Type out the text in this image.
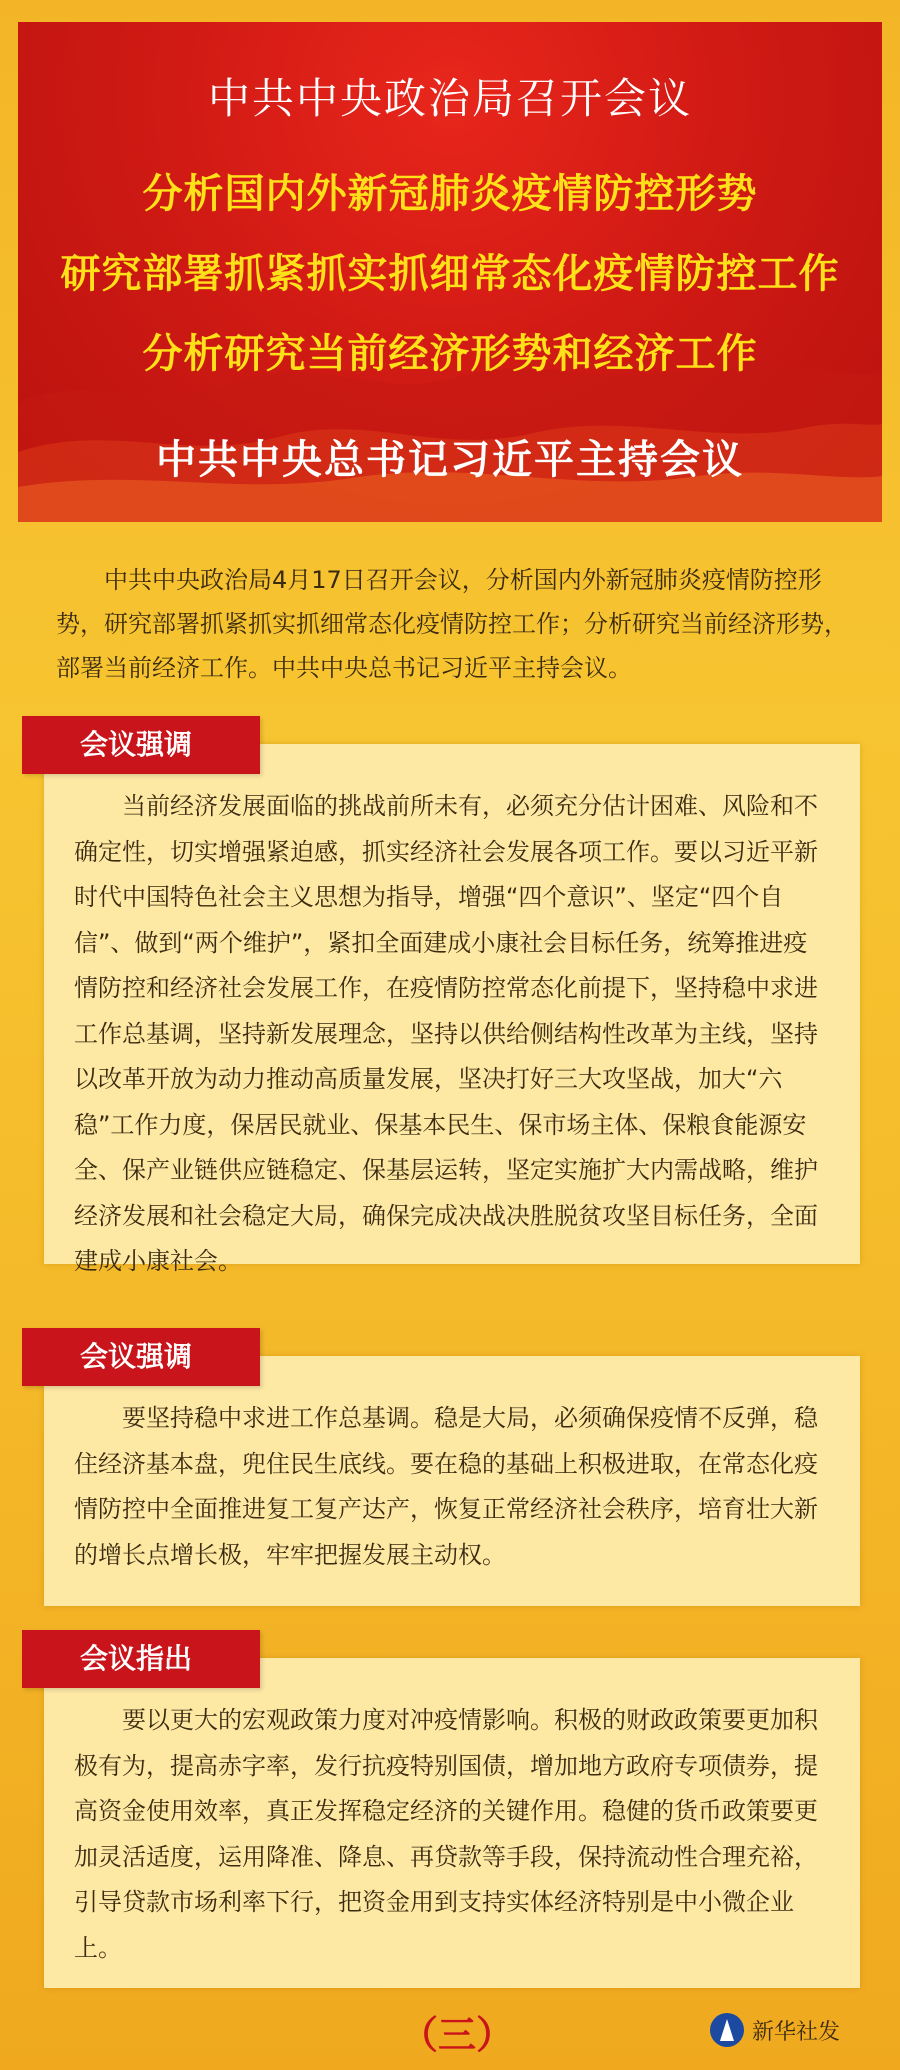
中共中央政治局召开会议
分析国内外新冠肺炎疫情防控形势
研究部署抓紧抓实抓细常态化疫情防控工作
分析研究当前经济形势和经济工作
中共中央总书记习近平主持会议
中共中央政治局4月17日召开会议，分析国内外新冠肺炎疫情防控形势，研究部署抓紧抓实抓细常态化疫情防控工作；分析研究当前经济形势，部署当前经济工作。中共中央总书记习近平主持会议。
会议强调

当前经济发展面临的挑战前所未有，必须充分估计困难、风险和不确定性，切实增强紧迫感，抓实经济社会发展各项工作。要以习近平新时代中国特色社会主义思想为指导，增强“四个意识”、坚定“四个自信”、做到“两个维护”，紧扣全面建成小康社会目标任务，统筹推进疫情防控和经济社会发展工作，在疫情防控常态化前提下，坚持稳中求进工作总基调，坚持新发展理念，坚持以供给侧结构性改革为主线，坚持以改革开放为动力推动高质量发展，坚决打好三大攻坚战，加大“六稳”工作力度，保居民就业、保基本民生、保市场主体、保粮食能源安全、保产业链供应链稳定、保基层运转，坚定实施扩大内需战略，维护经济发展和社会稳定大局，确保完成决战决胜脱贫攻坚目标任务，全面建成小康社会。

会议强调

要坚持稳中求进工作总基调。稳是大局，必须确保疫情不反弹，稳住经济基本盘，兜住民生底线。要在稳的基础上积极进取，在常态化疫情防控中全面推进复工复产达产，恢复正常经济社会秩序，培育壮大新的增长点增长极，牢牢把握发展主动权。

会议指出

要以更大的宏观政策力度对冲疫情影响。积极的财政政策要更加积极有为，提高赤字率，发行抗疫特别国债，增加地方政府专项债券，提高资金使用效率，真正发挥稳定经济的关键作用。稳健的货币政策要更加灵活适度，运用降准、降息、再贷款等手段，保持流动性合理充裕，引导贷款市场利率下行，把资金用到支持实体经济特别是中小微企业上。

（三）	新华社发
